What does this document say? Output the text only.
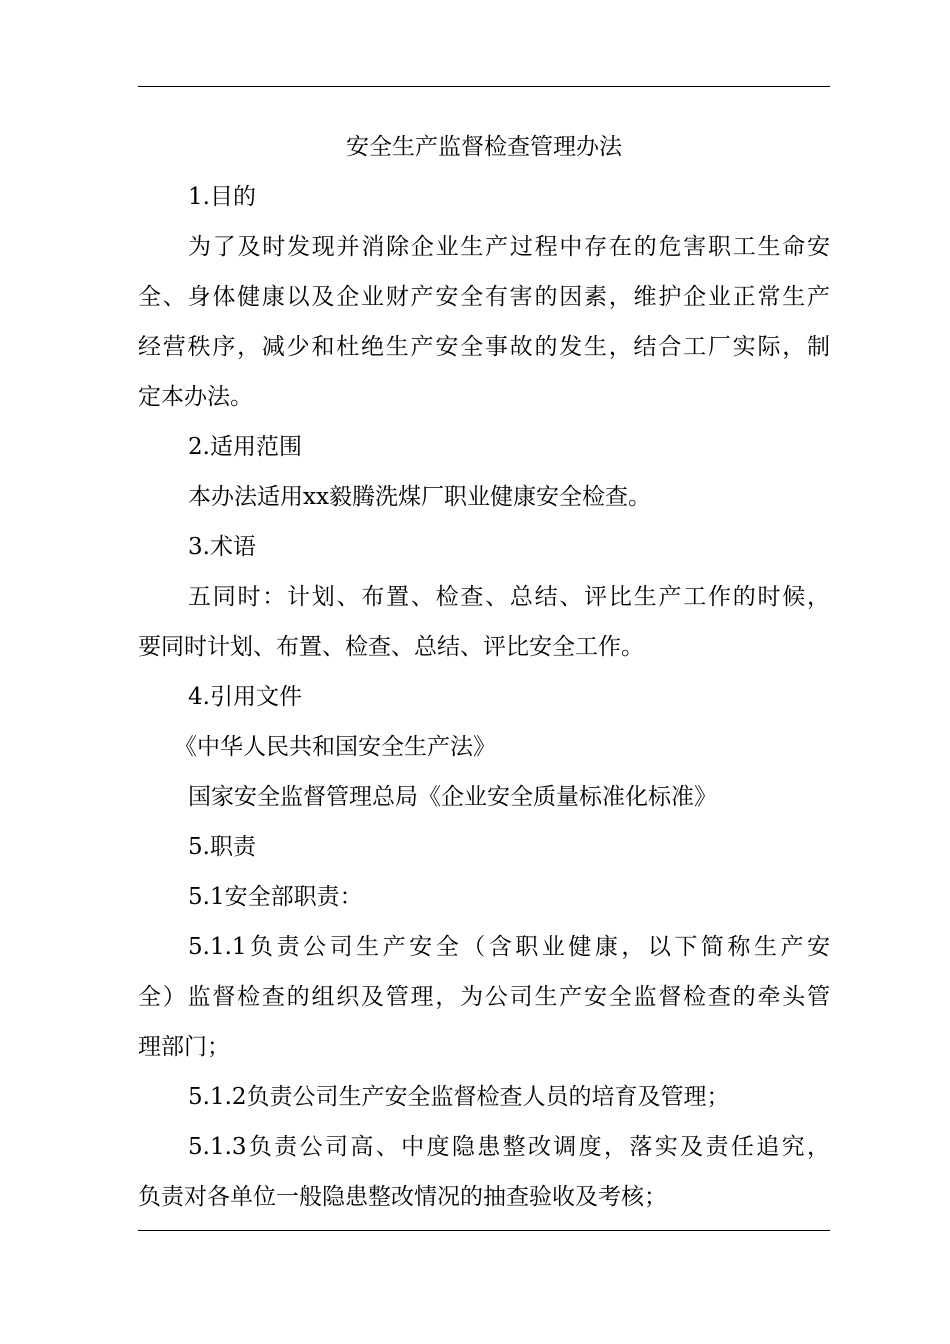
安全生产监督检查管理办法

1.目的

为了及时发现并消除企业生产过程中存在的危害职工生命安

全、身体健康以及企业财产安全有害的因素，维护企业正常生产

经营秩序，减少和杜绝生产安全事故的发生，结合工厂实际，制

定本办法。

2.适用范围

本办法适用xx毅腾洗煤厂职业健康安全检查。

3.术语

五同时：计划、布置、检查、总结、评比生产工作的时候，

要同时计划、布置、检查、总结、评比安全工作。

4.引用文件

《中华人民共和国安全生产法》

国家安全监督管理总局《企业安全质量标准化标准》

5.职责

5.1安全部职责：

5.1.1负责公司生产安全（含职业健康，以下简称生产安

全）监督检查的组织及管理，为公司生产安全监督检查的牵头管

理部门；

5.1.2负责公司生产安全监督检查人员的培育及管理；

5.1.3负责公司高、中度隐患整改调度，落实及责任追究，

负责对各单位一般隐患整改情况的抽查验收及考核；
